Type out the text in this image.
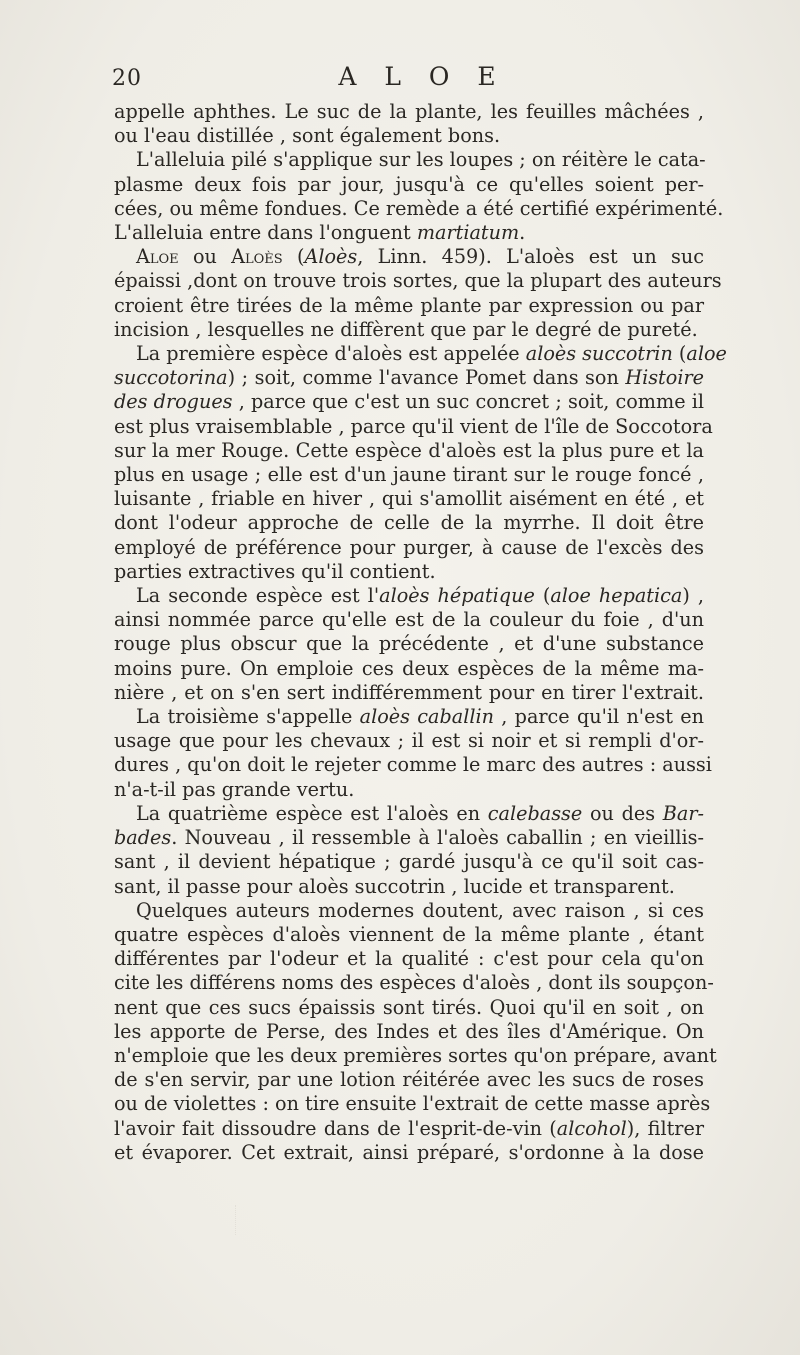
20	A L O E
appelle aphthes. Le suc de la plante, les feuilles mâchées ,
ou l'eau distillée , sont également bons.
L'alleluia pilé s'applique sur les loupes ; on réitère le cata-
plasme deux fois par jour, jusqu'à ce qu'elles soient per-
cées, ou même fondues. Ce remède a été certifié expérimenté.
L'alleluia entre dans l'onguent martiatum.
Aloe ou Aloès (Aloès, Linn. 459). L'aloès est un suc
épaissi ,dont on trouve trois sortes, que la plupart des auteurs
croient être tirées de la même plante par expression ou par
incision , lesquelles ne diffèrent que par le degré de pureté.
La première espèce d'aloès est appelée aloès succotrin (aloe
succotorina) ; soit, comme l'avance Pomet dans son Histoire
des drogues , parce que c'est un suc concret ; soit, comme il
est plus vraisemblable , parce qu'il vient de l'île de Soccotora
sur la mer Rouge. Cette espèce d'aloès est la plus pure et la
plus en usage ; elle est d'un jaune tirant sur le rouge foncé ,
luisante , friable en hiver , qui s'amollit aisément en été , et
dont l'odeur approche de celle de la myrrhe. Il doit être
employé de préférence pour purger, à cause de l'excès des
parties extractives qu'il contient.
La seconde espèce est l'aloès hépatique (aloe hepatica) ,
ainsi nommée parce qu'elle est de la couleur du foie , d'un
rouge plus obscur que la précédente , et d'une substance
moins pure. On emploie ces deux espèces de la même ma-
nière , et on s'en sert indifféremment pour en tirer l'extrait.
La troisième s'appelle aloès caballin , parce qu'il n'est en
usage que pour les chevaux ; il est si noir et si rempli d'or-
dures , qu'on doit le rejeter comme le marc des autres : aussi
n'a-t-il pas grande vertu.
La quatrième espèce est l'aloès en calebasse ou des Bar-
bades. Nouveau , il ressemble à l'aloès caballin ; en vieillis-
sant , il devient hépatique ; gardé jusqu'à ce qu'il soit cas-
sant, il passe pour aloès succotrin , lucide et transparent.
Quelques auteurs modernes doutent, avec raison , si ces
quatre espèces d'aloès viennent de la même plante , étant
différentes par l'odeur et la qualité : c'est pour cela qu'on
cite les différens noms des espèces d'aloès , dont ils soupçon-
nent que ces sucs épaissis sont tirés. Quoi qu'il en soit , on
les apporte de Perse, des Indes et des îles d'Amérique. On
n'emploie que les deux premières sortes qu'on prépare, avant
de s'en servir, par une lotion réitérée avec les sucs de roses
ou de violettes : on tire ensuite l'extrait de cette masse après
l'avoir fait dissoudre dans de l'esprit-de-vin (alcohol), filtrer
et évaporer. Cet extrait, ainsi préparé, s'ordonne à la dose
